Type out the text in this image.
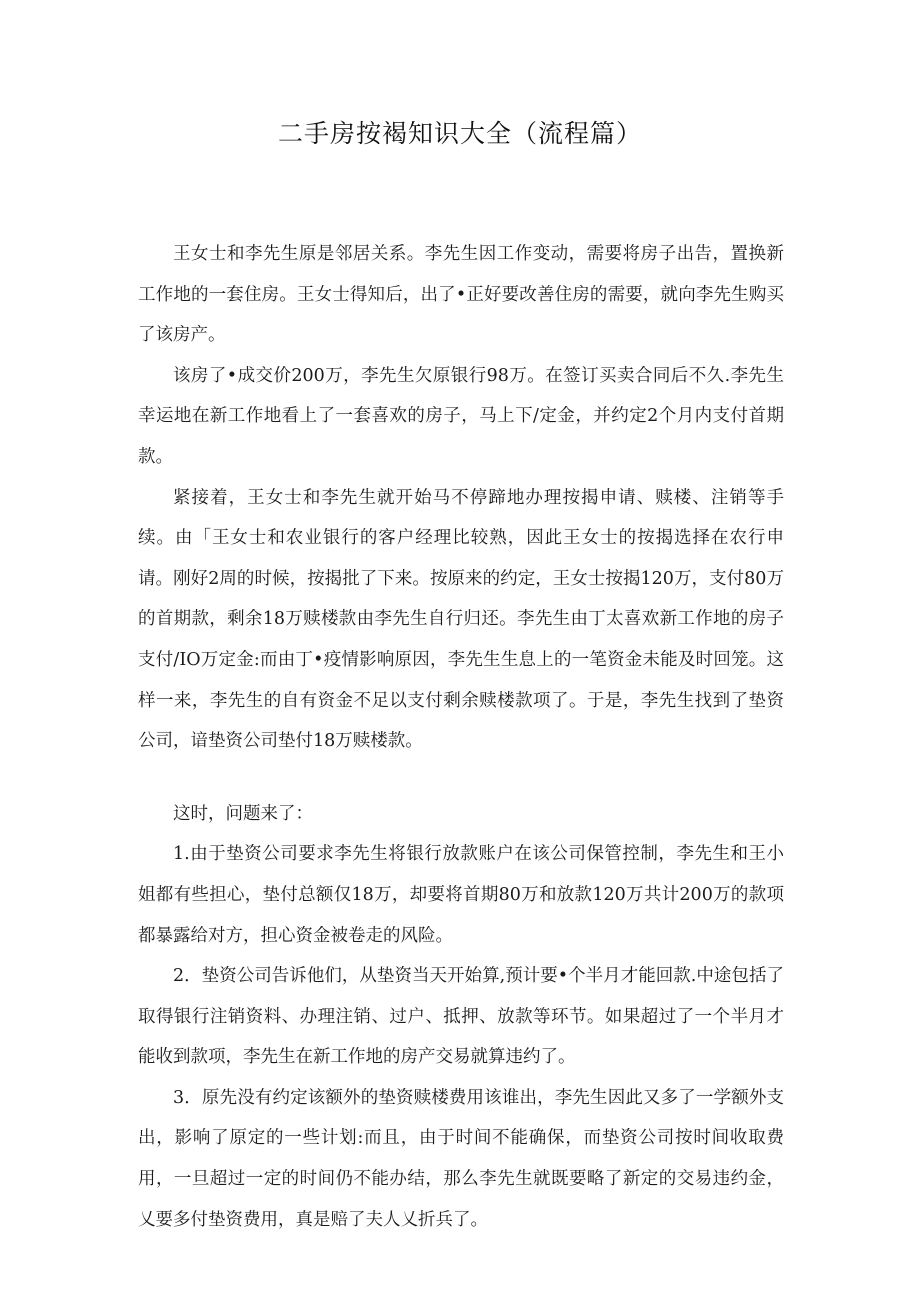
二手房按褐知识大全（流程篇）

王女士和李先生原是邻居关系。李先生因工作变动，需要将房子出告，置换新工作地的一套住房。王女士得知后，出了•正好要改善住房的需要，就向李先生购买了该房产。

该房了•成交价200万，李先生欠原银行98万。在签订买卖合同后不久.李先生幸运地在新工作地看上了一套喜欢的房子，马上下/定金，并约定2个月内支付首期款。

紧接着，王女士和李先生就开始马不停蹄地办理按揭申请、赎楼、注销等手续。由「王女士和农业银行的客户经理比较熟，因此王女士的按揭选择在农行申请。刚好2周的时候，按揭批了下来。按原来的约定，王女士按揭120万，支付80万的首期款，剩余18万赎楼款由李先生自行归还。李先生由丁太喜欢新工作地的房子支付/IO万定金:而由丁•疫情影响原因，李先生生息上的一笔资金未能及时回笼。这样一来，李先生的自有资金不足以支付剩余赎楼款项了。于是，李先生找到了垫资公司，谙垫资公司垫付18万赎楼款。

这时，问题来了：

1.由于垫资公司要求李先生将银行放款账户在该公司保管控制，李先生和王小姐都有些担心，垫付总额仅18万，却要将首期80万和放款120万共计200万的款项都暴露给对方，担心资金被卷走的风险。

2．垫资公司告诉他们，从垫资当天开始算,预计要•个半月才能回款.中途包括了取得银行注销资料、办理注销、过户、抵押、放款等环节。如果超过了一个半月才能收到款项，李先生在新工作地的房产交易就算违约了。

3．原先没有约定该额外的垫资赎楼费用该谁出，李先生因此又多了一学额外支出，影响了原定的一些计划:而且，由于时间不能确保，而垫资公司按时间收取费用，一旦超过一定的时间仍不能办结，那么李先生就既要略了新定的交易违约金，乂要多付垫资费用，真是赔了夫人乂折兵了。
